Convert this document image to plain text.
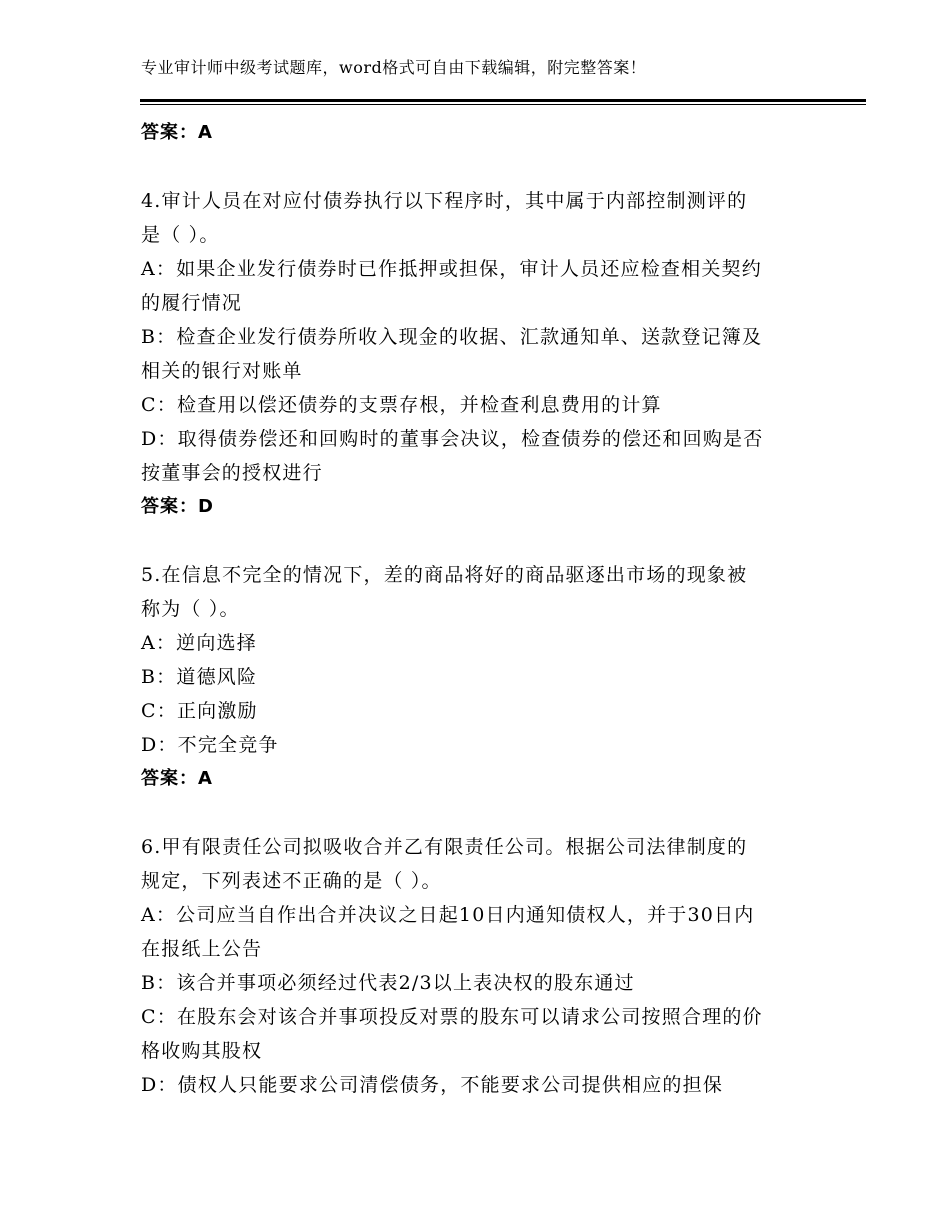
专业审计师中级考试题库，word格式可自由下载编辑，附完整答案！
答案：A
4.审计人员在对应付债券执行以下程序时，其中属于内部控制测评的
是（ ）。
A：如果企业发行债券时已作抵押或担保，审计人员还应检查相关契约
的履行情况
B：检查企业发行债券所收入现金的收据、汇款通知单、送款登记簿及
相关的银行对账单
C：检查用以偿还债券的支票存根，并检查利息费用的计算
D：取得债券偿还和回购时的董事会决议，检查债券的偿还和回购是否
按董事会的授权进行
答案：D
5.在信息不完全的情况下，差的商品将好的商品驱逐出市场的现象被
称为（ ）。
A：逆向选择
B：道德风险
C：正向激励
D：不完全竞争
答案：A
6.甲有限责任公司拟吸收合并乙有限责任公司。根据公司法律制度的
规定，下列表述不正确的是（ ）。
A：公司应当自作出合并决议之日起10日内通知债权人，并于30日内
在报纸上公告
B：该合并事项必须经过代表2/3以上表决权的股东通过
C：在股东会对该合并事项投反对票的股东可以请求公司按照合理的价
格收购其股权
D：债权人只能要求公司清偿债务，不能要求公司提供相应的担保
